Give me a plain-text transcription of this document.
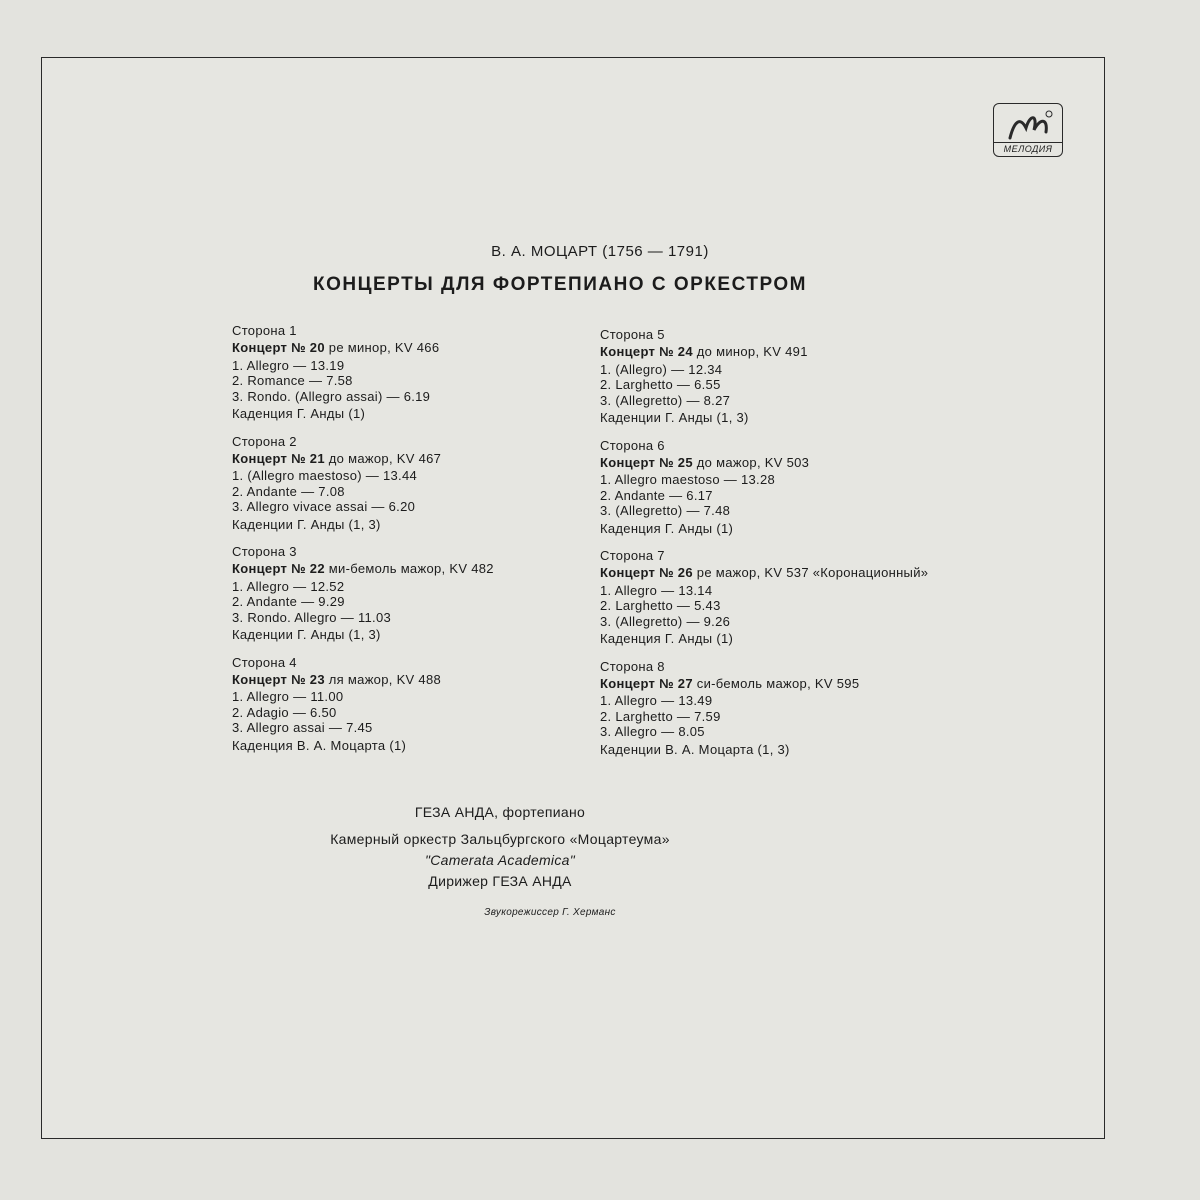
МЕЛОДИЯ
В. А. МОЦАРТ (1756 — 1791)
КОНЦЕРТЫ ДЛЯ ФОРТЕПИАНО С ОРКЕСТРОМ
Сторона 1
Концерт № 20 ре минор, KV 466
1. Allegro — 13.19
2. Romance — 7.58
3. Rondo. (Allegro assai) — 6.19
Каденция Г. Анды (1)
Сторона 2
Концерт № 21 до мажор, KV 467
1. (Allegro maestoso) — 13.44
2. Andante — 7.08
3. Allegro vivace assai — 6.20
Каденции Г. Анды (1, 3)
Сторона 3
Концерт № 22 ми-бемоль мажор, KV 482
1. Allegro — 12.52
2. Andante — 9.29
3. Rondo. Allegro — 11.03
Каденции Г. Анды (1, 3)
Сторона 4
Концерт № 23 ля мажор, KV 488
1. Allegro — 11.00
2. Adagio — 6.50
3. Allegro assai — 7.45
Каденция В. А. Моцарта (1)
Сторона 5
Концерт № 24 до минор, KV 491
1. (Allegro) — 12.34
2. Larghetto — 6.55
3. (Allegretto) — 8.27
Каденции Г. Анды (1, 3)
Сторона 6
Концерт № 25 до мажор, KV 503
1. Allegro maestoso — 13.28
2. Andante — 6.17
3. (Allegretto) — 7.48
Каденция Г. Анды (1)
Сторона 7
Концерт № 26 ре мажор, KV 537 «Коронационный»
1. Allegro — 13.14
2. Larghetto — 5.43
3. (Allegretto) — 9.26
Каденция Г. Анды (1)
Сторона 8
Концерт № 27 си-бемоль мажор, KV 595
1. Allegro — 13.49
2. Larghetto — 7.59
3. Allegro — 8.05
Каденции В. А. Моцарта (1, 3)
ГЕЗА АНДА, фортепиано
Камерный оркестр Зальцбургского «Моцартеума»
"Camerata Academica"
Дирижер ГЕЗА АНДА
Звукорежиссер Г. Херманс
